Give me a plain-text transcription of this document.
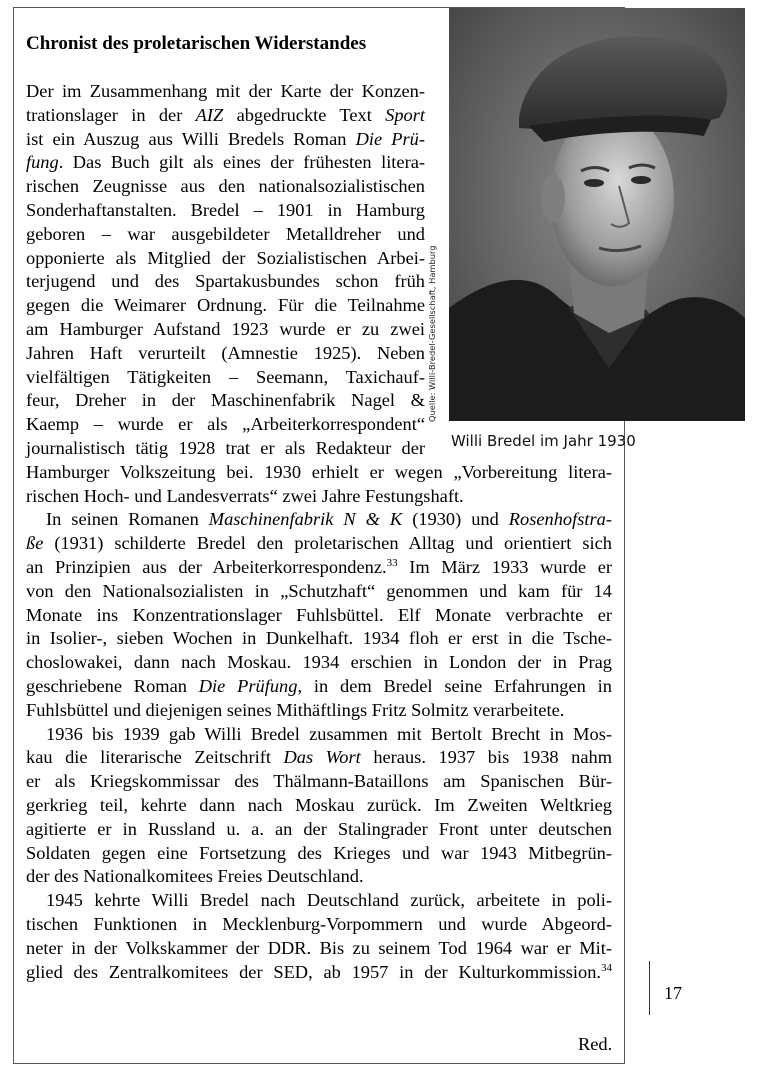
Chronist des proletarischen Widerstandes
Quelle: Willi-Bredel-Gesellschaft, Hamburg
Willi Bredel im Jahr 1930
Der im Zusammenhang mit der Karte der Konzen-
trationslager in der AIZ abgedruckte Text Sport
ist ein Auszug aus Willi Bredels Roman Die Prü-
fung. Das Buch gilt als eines der frühesten litera-
rischen Zeugnisse aus den nationalsozialistischen
Sonderhaftanstalten. Bredel – 1901 in Hamburg
geboren – war ausgebildeter Metalldreher und
opponierte als Mitglied der Sozialistischen Arbei-
terjugend und des Spartakusbundes schon früh
gegen die Weimarer Ordnung. Für die Teilnahme
am Hamburger Aufstand 1923 wurde er zu zwei
Jahren Haft verurteilt (Amnestie 1925). Neben
vielfältigen Tätigkeiten – Seemann, Taxichauf-
feur, Dreher in der Maschinenfabrik Nagel &
Kaemp – wurde er als „Arbeiterkorrespondent“
journalistisch tätig 1928 trat er als Redakteur der
Hamburger Volkszeitung bei. 1930 erhielt er wegen „Vorbereitung litera-
rischen Hoch- und Landesverrats“ zwei Jahre Festungshaft.
In seinen Romanen Maschinenfabrik N & K (1930) und Rosenhofstra-
ße (1931) schilderte Bredel den proletarischen Alltag und orientiert sich
an Prinzipien aus der Arbeiterkorrespondenz.$^{33}$ Im März 1933 wurde er
von den Nationalsozialisten in „Schutzhaft“ genommen und kam für 14
Monate ins Konzentrationslager Fuhlsbüttel. Elf Monate verbrachte er
in Isolier-, sieben Wochen in Dunkelhaft. 1934 floh er erst in die Tsche-
choslowakei, dann nach Moskau. 1934 erschien in London der in Prag
geschriebene Roman Die Prüfung, in dem Bredel seine Erfahrungen in
Fuhlsbüttel und diejenigen seines Mithäftlings Fritz Solmitz verarbeitete.
1936 bis 1939 gab Willi Bredel zusammen mit Bertolt Brecht in Mos-
kau die literarische Zeitschrift Das Wort heraus. 1937 bis 1938 nahm
er als Kriegskommissar des Thälmann-Bataillons am Spanischen Bür-
gerkrieg teil, kehrte dann nach Moskau zurück. Im Zweiten Weltkrieg
agitierte er in Russland u. a. an der Stalingrader Front unter deutschen
Soldaten gegen eine Fortsetzung des Krieges und war 1943 Mitbegrün-
der des Nationalkomitees Freies Deutschland.
1945 kehrte Willi Bredel nach Deutschland zurück, arbeitete in poli-
tischen Funktionen in Mecklenburg-Vorpommern und wurde Abgeord-
neter in der Volkskammer der DDR. Bis zu seinem Tod 1964 war er Mit-
glied des Zentralkomitees der SED, ab 1957 in der Kulturkommission.$^{34}$
Red.
17
